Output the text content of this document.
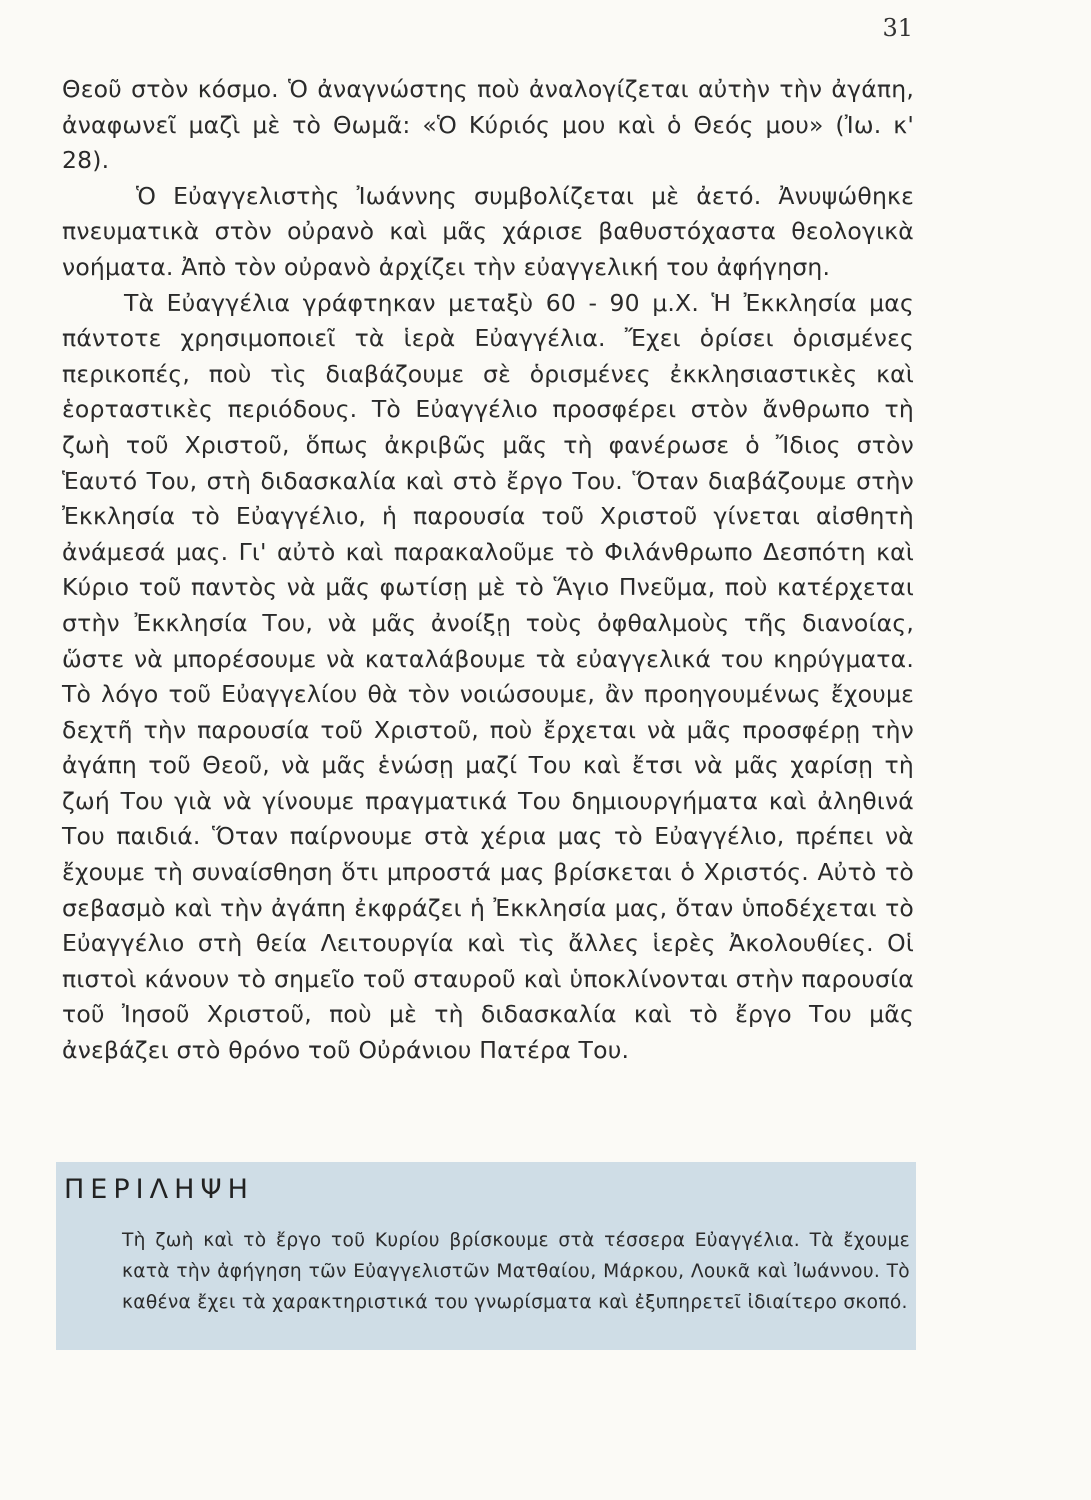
31

Θεοῦ στὸν κόσμο. Ὁ ἀναγνώστης ποὺ ἀναλογίζεται αὐτὴν τὴν ἀγάπη, ἀναφωνεῖ μαζὶ μὲ τὸ Θωμᾶ: «Ὁ Κύριός μου καὶ ὁ Θεός μου» (Ἰω. κ' 28).

Ὁ Εὐαγγελιστὴς Ἰωάννης συμβολίζεται μὲ ἀετό. Ἀνυψώθηκε πνευματικὰ στὸν οὐρανὸ καὶ μᾶς χάρισε βαθυστόχαστα θεολογικὰ νοήματα. Ἀπὸ τὸν οὐρανὸ ἀρχίζει τὴν εὐαγγελική του ἀφήγηση.

Τὰ Εὐαγγέλια γράφτηκαν μεταξὺ 60 - 90 μ.Χ. Ἡ Ἐκκλησία μας πάντοτε χρησιμοποιεῖ τὰ ἱερὰ Εὐαγγέλια. Ἔχει ὁρίσει ὁρισμένες περικοπές, ποὺ τὶς διαβάζουμε σὲ ὁρισμένες ἐκκλησιαστικὲς καὶ ἑορταστικὲς περιόδους. Τὸ Εὐαγγέλιο προσφέρει στὸν ἄνθρωπο τὴ ζωὴ τοῦ Χριστοῦ, ὅπως ἀκριβῶς μᾶς τὴ φανέρωσε ὁ Ἴδιος στὸν Ἑαυτό Του, στὴ διδασκαλία καὶ στὸ ἔργο Του. Ὅταν διαβάζουμε στὴν Ἐκκλησία τὸ Εὐαγγέλιο, ἡ παρουσία τοῦ Χριστοῦ γίνεται αἰσθητὴ ἀνάμεσά μας. Γι' αὐτὸ καὶ παρακαλοῦμε τὸ Φιλάνθρωπο Δεσπότη καὶ Κύριο τοῦ παντὸς νὰ μᾶς φωτίσῃ μὲ τὸ Ἅγιο Πνεῦμα, ποὺ κατέρχεται στὴν Ἐκκλησία Του, νὰ μᾶς ἀνοίξῃ τοὺς ὀφθαλμοὺς τῆς διανοίας, ὥστε νὰ μπορέσουμε νὰ καταλάβουμε τὰ εὐαγγελικά του κηρύγματα. Τὸ λόγο τοῦ Εὐαγγελίου θὰ τὸν νοιώσουμε, ἂν προηγουμένως ἔχουμε δεχτῆ τὴν παρουσία τοῦ Χριστοῦ, ποὺ ἔρχεται νὰ μᾶς προσφέρῃ τὴν ἀγάπη τοῦ Θεοῦ, νὰ μᾶς ἑνώσῃ μαζί Του καὶ ἔτσι νὰ μᾶς χαρίσῃ τὴ ζωή Του γιὰ νὰ γίνουμε πραγματικά Του δημιουργήματα καὶ ἀληθινά Του παιδιά. Ὅταν παίρνουμε στὰ χέρια μας τὸ Εὐαγγέλιο, πρέπει νὰ ἔχουμε τὴ συναίσθηση ὅτι μπροστά μας βρίσκεται ὁ Χριστός. Αὐτὸ τὸ σεβασμὸ καὶ τὴν ἀγάπη ἐκφράζει ἡ Ἐκκλησία μας, ὅταν ὑποδέχεται τὸ Εὐαγγέλιο στὴ θεία Λειτουργία καὶ τὶς ἄλλες ἱερὲς Ἀκολουθίες. Οἱ πιστοὶ κάνουν τὸ σημεῖο τοῦ σταυροῦ καὶ ὑποκλίνονται στὴν παρουσία τοῦ Ἰησοῦ Χριστοῦ, ποὺ μὲ τὴ διδασκαλία καὶ τὸ ἔργο Του μᾶς ἀνεβάζει στὸ θρόνο τοῦ Οὐράνιου Πατέρα Του.

ΠΕΡΙΛΗΨΗ

Τὴ ζωὴ καὶ τὸ ἔργο τοῦ Κυρίου βρίσκουμε στὰ τέσσερα Εὐαγγέλια. Τὰ ἔχουμε κατὰ τὴν ἀφήγηση τῶν Εὐαγγελιστῶν Ματθαίου, Μάρκου, Λουκᾶ καὶ Ἰωάννου. Τὸ καθένα ἔχει τὰ χαρακτηριστικά του γνωρίσματα καὶ ἐξυπηρετεῖ ἰδιαίτερο σκοπό.
